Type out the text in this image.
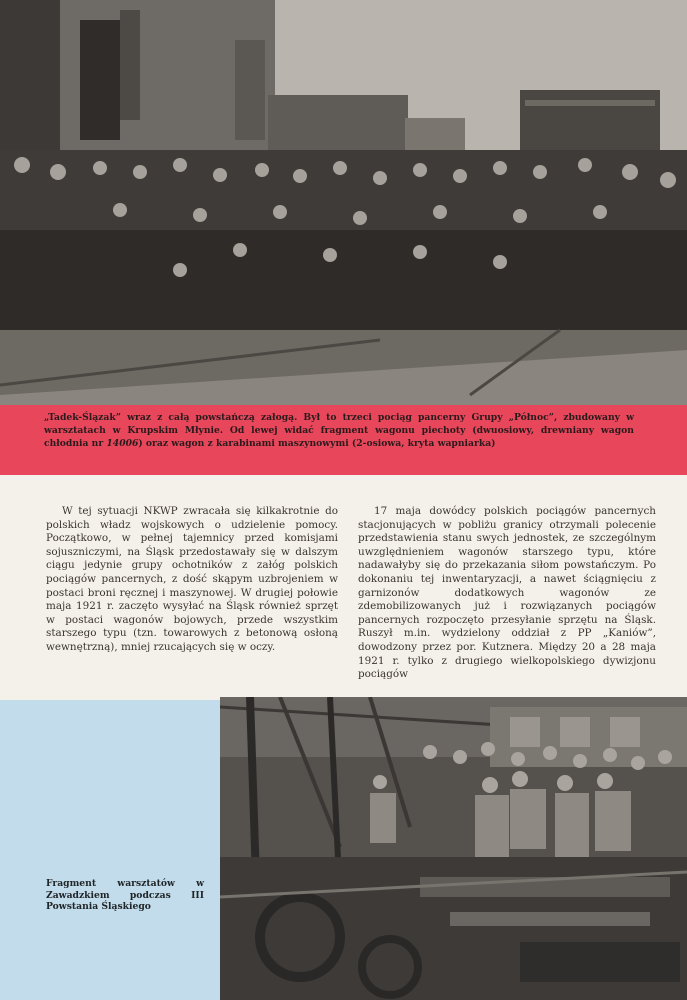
„Tadek-Ślązak” wraz z całą powstańczą załogą. Był to trzeci pociąg pancerny Grupy „Północ”, zbudowany w warsztatach w Krupskim Młynie. Od lewej widać fragment wagonu piechoty (dwuosiowy, drewniany wagon chłodnia nr 14006) oraz wagon z karabinami maszynowymi (2-osiowa, kryta wapniarka)

W tej sytuacji NKWP zwracała się kilkakrotnie do polskich władz wojskowych o udzielenie pomocy. Początkowo, w pełnej tajemnicy przed komisjami sojuszniczymi, na Śląsk przedostawały się w dalszym ciągu jedynie grupy ochotników z załóg polskich pociągów pancernych, z dość skąpym uzbrojeniem w postaci broni ręcznej i maszynowej. W drugiej połowie maja 1921 r. zaczęto wysyłać na Śląsk również sprzęt w postaci wagonów bojowych, przede wszystkim starszego typu (tzn. towarowych z betonową osłoną wewnętrzną), mniej rzucających się w oczy.

17 maja dowódcy polskich pociągów pancernych stacjonujących w pobliżu granicy otrzymali polecenie przedstawienia stanu swych jednostek, ze szczególnym uwzględnieniem wagonów starszego typu, które nadawałyby się do przekazania siłom powstańczym. Po dokonaniu tej inwentaryzacji, a nawet ściągnięciu z garnizonów dodatkowych wagonów ze zdemobilizowanych już i rozwiązanych pociągów pancernych rozpoczęto przesyłanie sprzętu na Śląsk. Ruszył m.in. wydzielony oddział z PP „Kaniów”, dowodzony przez por. Kutznera. Między 20 a 28 maja 1921 r. tylko z drugiego wielkopolskiego dywizjonu pociągów

Fragment warsztatów w Zawadzkiem podczas III Powstania Śląskiego
